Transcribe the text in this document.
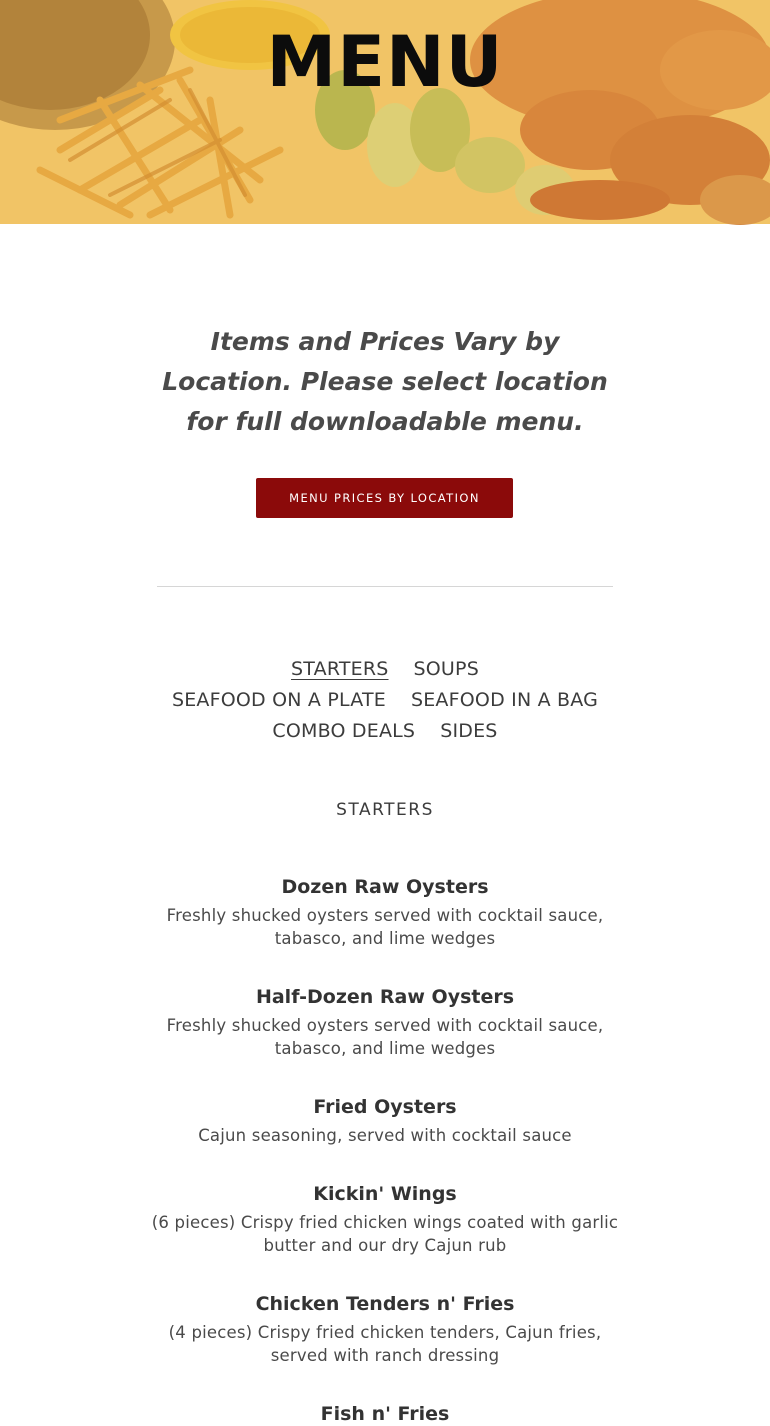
MENU
Items and Prices Vary by Location. Please select location for full downloadable menu.
MENU PRICES BY LOCATION
STARTERS SOUPS
SEAFOOD ON A PLATE SEAFOOD IN A BAG
COMBO DEALS SIDES
STARTERS
Dozen Raw Oysters
Freshly shucked oysters served with cocktail sauce, tabasco, and lime wedges
Half-Dozen Raw Oysters
Freshly shucked oysters served with cocktail sauce, tabasco, and lime wedges
Fried Oysters
Cajun seasoning, served with cocktail sauce
Kickin' Wings
(6 pieces) Crispy fried chicken wings coated with garlic butter and our dry Cajun rub
Chicken Tenders n' Fries
(4 pieces) Crispy fried chicken tenders, Cajun fries, served with ranch dressing
Fish n' Fries
